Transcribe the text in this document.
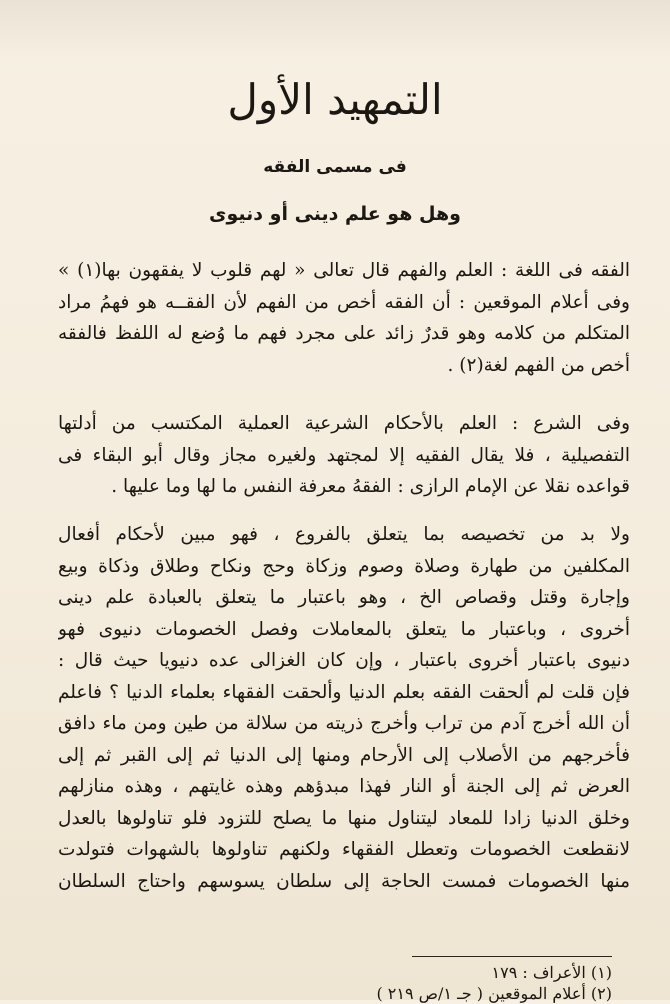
التمهيد الأول
فى مسمى الفقه
وهل هو علم دينى أو دنيوى

الفقه فى اللغة : العلم والفهم قال تعالى « لهم قلوب لا يفقهون بها(١) »
وفى أعلام الموقعين : أن الفقه أخص من الفهم لأن الفقــه هو فهمُ مراد
المتكلم من كلامه وهو قدرٌ زائد على مجرد فهم ما وُضع له اللفظ فالفقه
أخص من الفهم لغة(٢) .

وفى الشرع : العلم بالأحكام الشرعية العملية المكتسب من أدلتها
التفصيلية ، فلا يقال الفقيه إلا لمجتهد ولغيره مجاز وقال أبو البقاء فى
قواعده نقلا عن الإمام الرازى : الفقهُ معرفة النفس ما لها وما عليها .

ولا بد من تخصيصه بما يتعلق بالفروع ، فهو مبين لأحكام أفعال
المكلفين من طهارة وصلاة وصوم وزكاة وحج ونكاح وطلاق وذكاة وبيع
وإجارة وقتل وقصاص الخ ، وهو باعتبار ما يتعلق بالعبادة علم دينى
أخروى ، وباعتبار ما يتعلق بالمعاملات وفصل الخصومات دنيوى فهو
دنيوى باعتبار أخروى باعتبار ، وإن كان الغزالى عده دنيويا حيث قال :
فإن قلت لم ألحقت الفقه بعلم الدنيا وألحقت الفقهاء بعلماء الدنيا ؟ فاعلم
أن الله أخرج آدم من تراب وأخرج ذريته من سلالة من طين ومن ماء دافق
فأخرجهم من الأصلاب إلى الأرحام ومنها إلى الدنيا ثم إلى القبر ثم إلى
العرض ثم إلى الجنة أو النار فهذا مبدؤهم وهذه غايتهم ، وهذه منازلهم
وخلق الدنيا زادا للمعاد ليتناول منها ما يصلح للتزود فلو تناولوها بالعدل
لانقطعت الخصومات وتعطل الفقهاء ولكنهم تناولوها بالشهوات فتولدت
منها الخصومات فمست الحاجة إلى سلطان يسوسهم واحتاج السلطان

(١) الأعراف : ١٧٩
(٢) أعلام الموقعين ( جـ ١/ص ٢١٩ )
